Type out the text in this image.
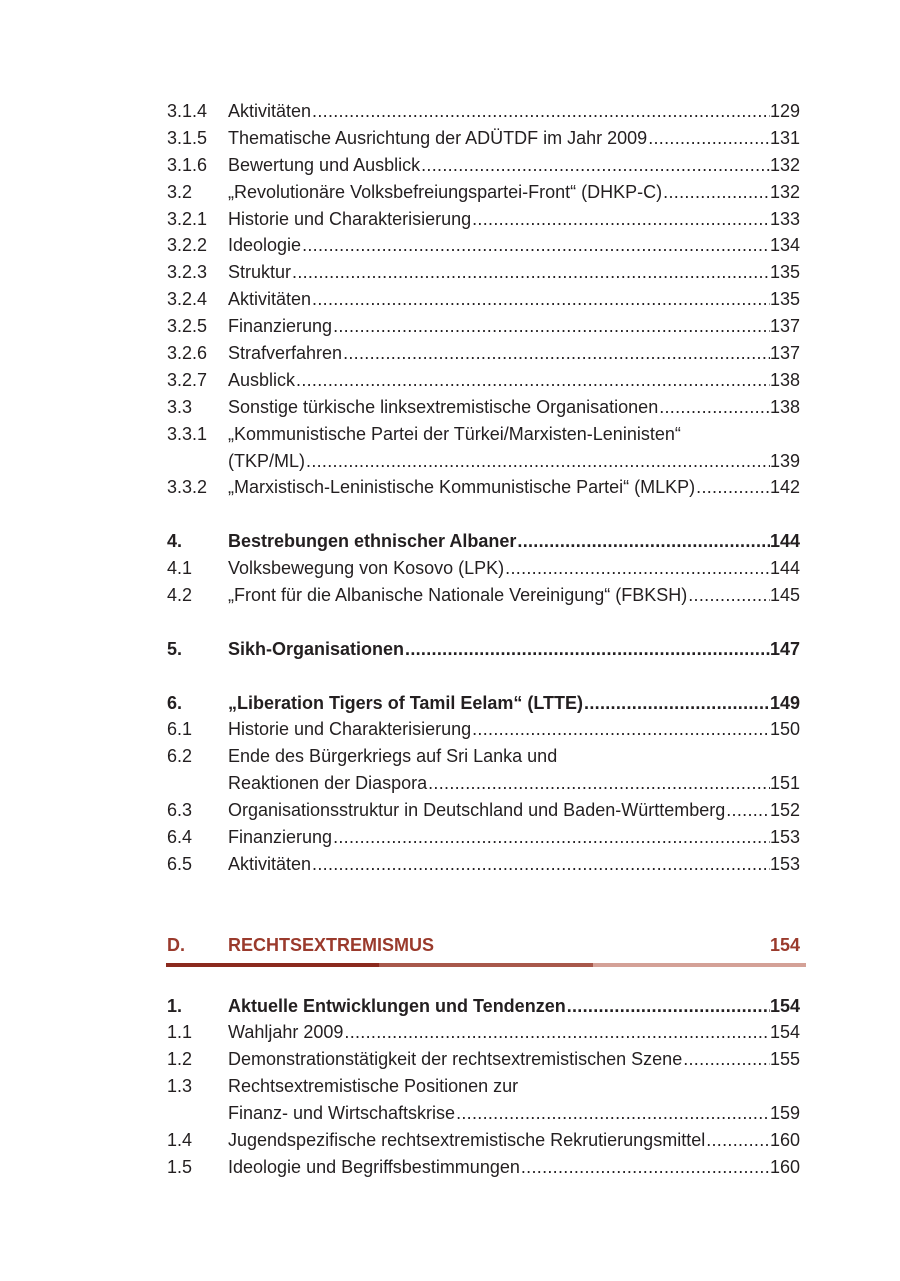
3.1.4	Aktivitäten .....	129
3.1.5	Thematische Ausrichtung der ADÜTDF im Jahr 2009 .....	131
3.1.6	Bewertung und Ausblick .....	132
3.2	„Revolutionäre Volksbefreiungspartei-Front“ (DHKP-C) .....	132
3.2.1	Historie und Charakterisierung .....	133
3.2.2	Ideologie .....	134
3.2.3	Struktur .....	135
3.2.4	Aktivitäten .....	135
3.2.5	Finanzierung .....	137
3.2.6	Strafverfahren .....	137
3.2.7	Ausblick .....	138
3.3	Sonstige türkische linksextremistische Organisationen .....	138
3.3.1	„Kommunistische Partei der Türkei/Marxisten-Leninisten“
(TKP/ML) .....	139
3.3.2	„Marxistisch-Leninistische Kommunistische Partei“ (MLKP) .....	142
4.	Bestrebungen ethnischer Albaner .....	144
4.1	Volksbewegung von Kosovo (LPK) .....	144
4.2	„Front für die Albanische Nationale Vereinigung“ (FBKSH) .....	145
5.	Sikh-Organisationen .....	147
6.	„Liberation Tigers of Tamil Eelam“ (LTTE) .....	149
6.1	Historie und Charakterisierung .....	150
6.2	Ende des Bürgerkriegs auf Sri Lanka und
Reaktionen der Diaspora .....	151
6.3	Organisationsstruktur in Deutschland und Baden-Württemberg ..... 152
6.4	Finanzierung .....	153
6.5	Aktivitäten .....	153
D.	RECHTSEXTREMISMUS	154
1.	Aktuelle Entwicklungen und Tendenzen .....	154
1.1	Wahljahr 2009 .....	154
1.2	Demonstrationstätigkeit der rechtsextremistischen Szene .....	155
1.3	Rechtsextremistische Positionen zur
Finanz- und Wirtschaftskrise .....	159
1.4	Jugendspezifische rechtsextremistische Rekrutierungsmittel .....	160
1.5	Ideologie und Begriffsbestimmungen .....	160
